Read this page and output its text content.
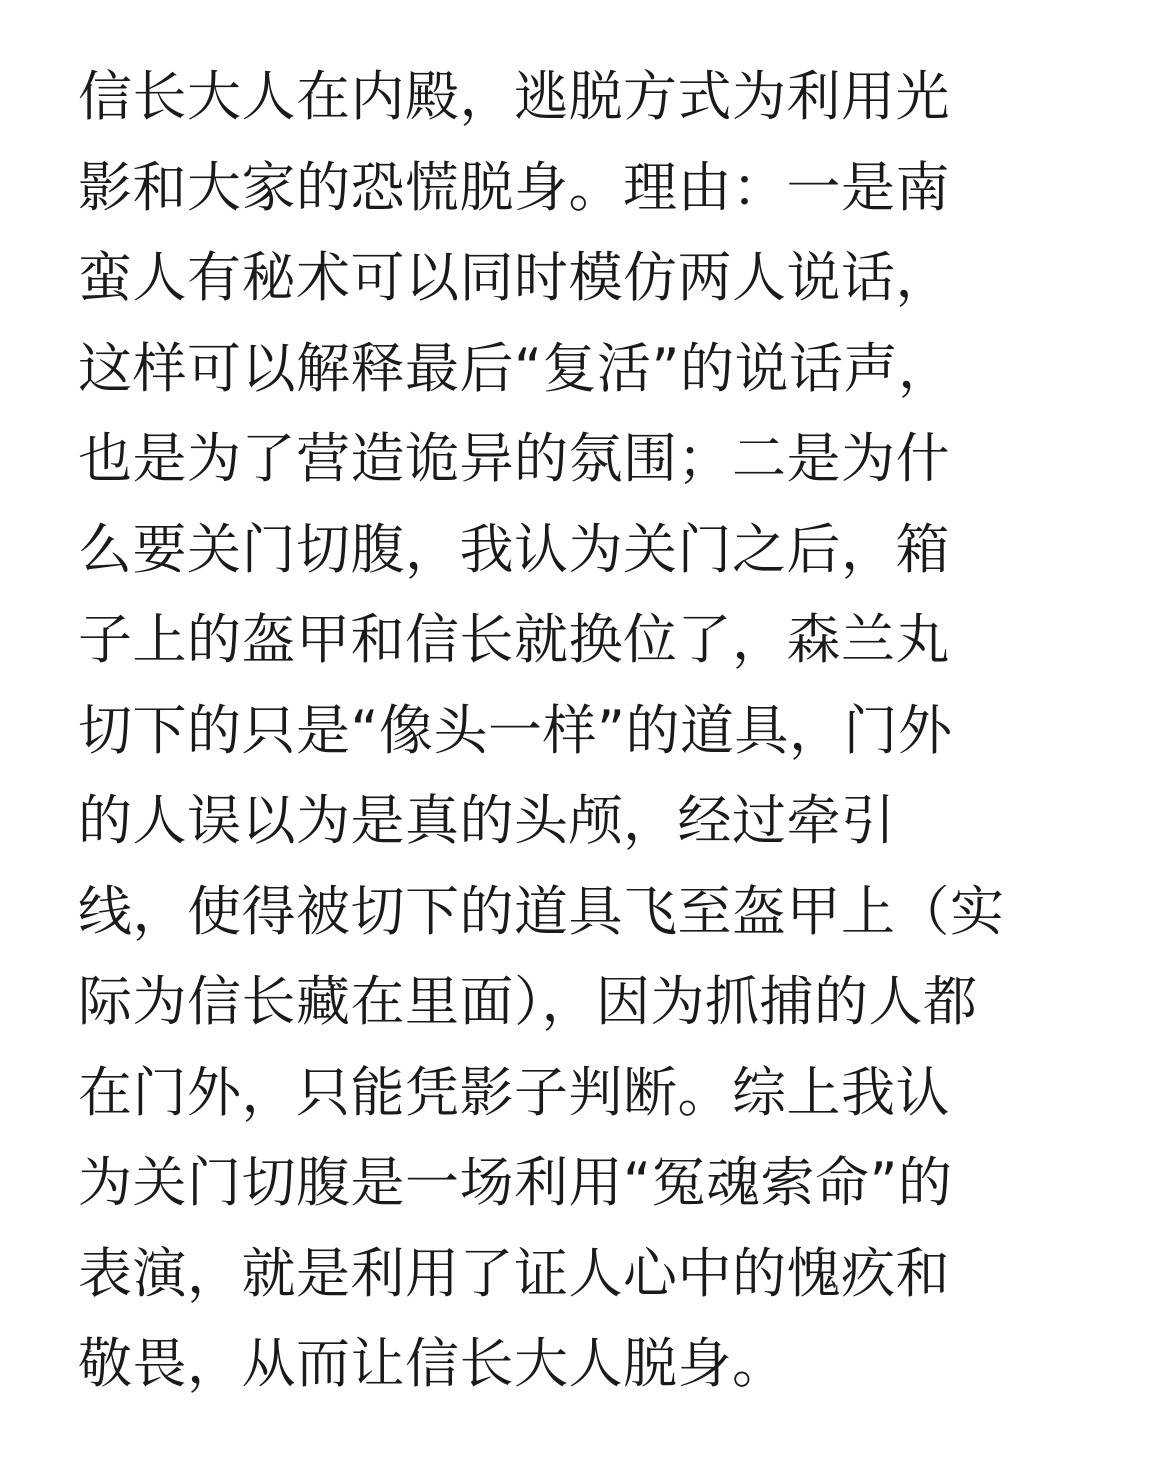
信长大人在内殿，逃脱方式为利用光
影和大家的恐慌脱身。理由：一是南
蛮人有秘术可以同时模仿两人说话，
这样可以解释最后“复活”的说话声，
也是为了营造诡异的氛围；二是为什
么要关门切腹，我认为关门之后，箱
子上的盔甲和信长就换位了，森兰丸
切下的只是“像头一样”的道具，门外
的人误以为是真的头颅，经过牵引
线，使得被切下的道具飞至盔甲上（实
际为信长藏在里面），因为抓捕的人都
在门外，只能凭影子判断。综上我认
为关门切腹是一场利用“冤魂索命”的
表演，就是利用了证人心中的愧疚和
敬畏，从而让信长大人脱身。
